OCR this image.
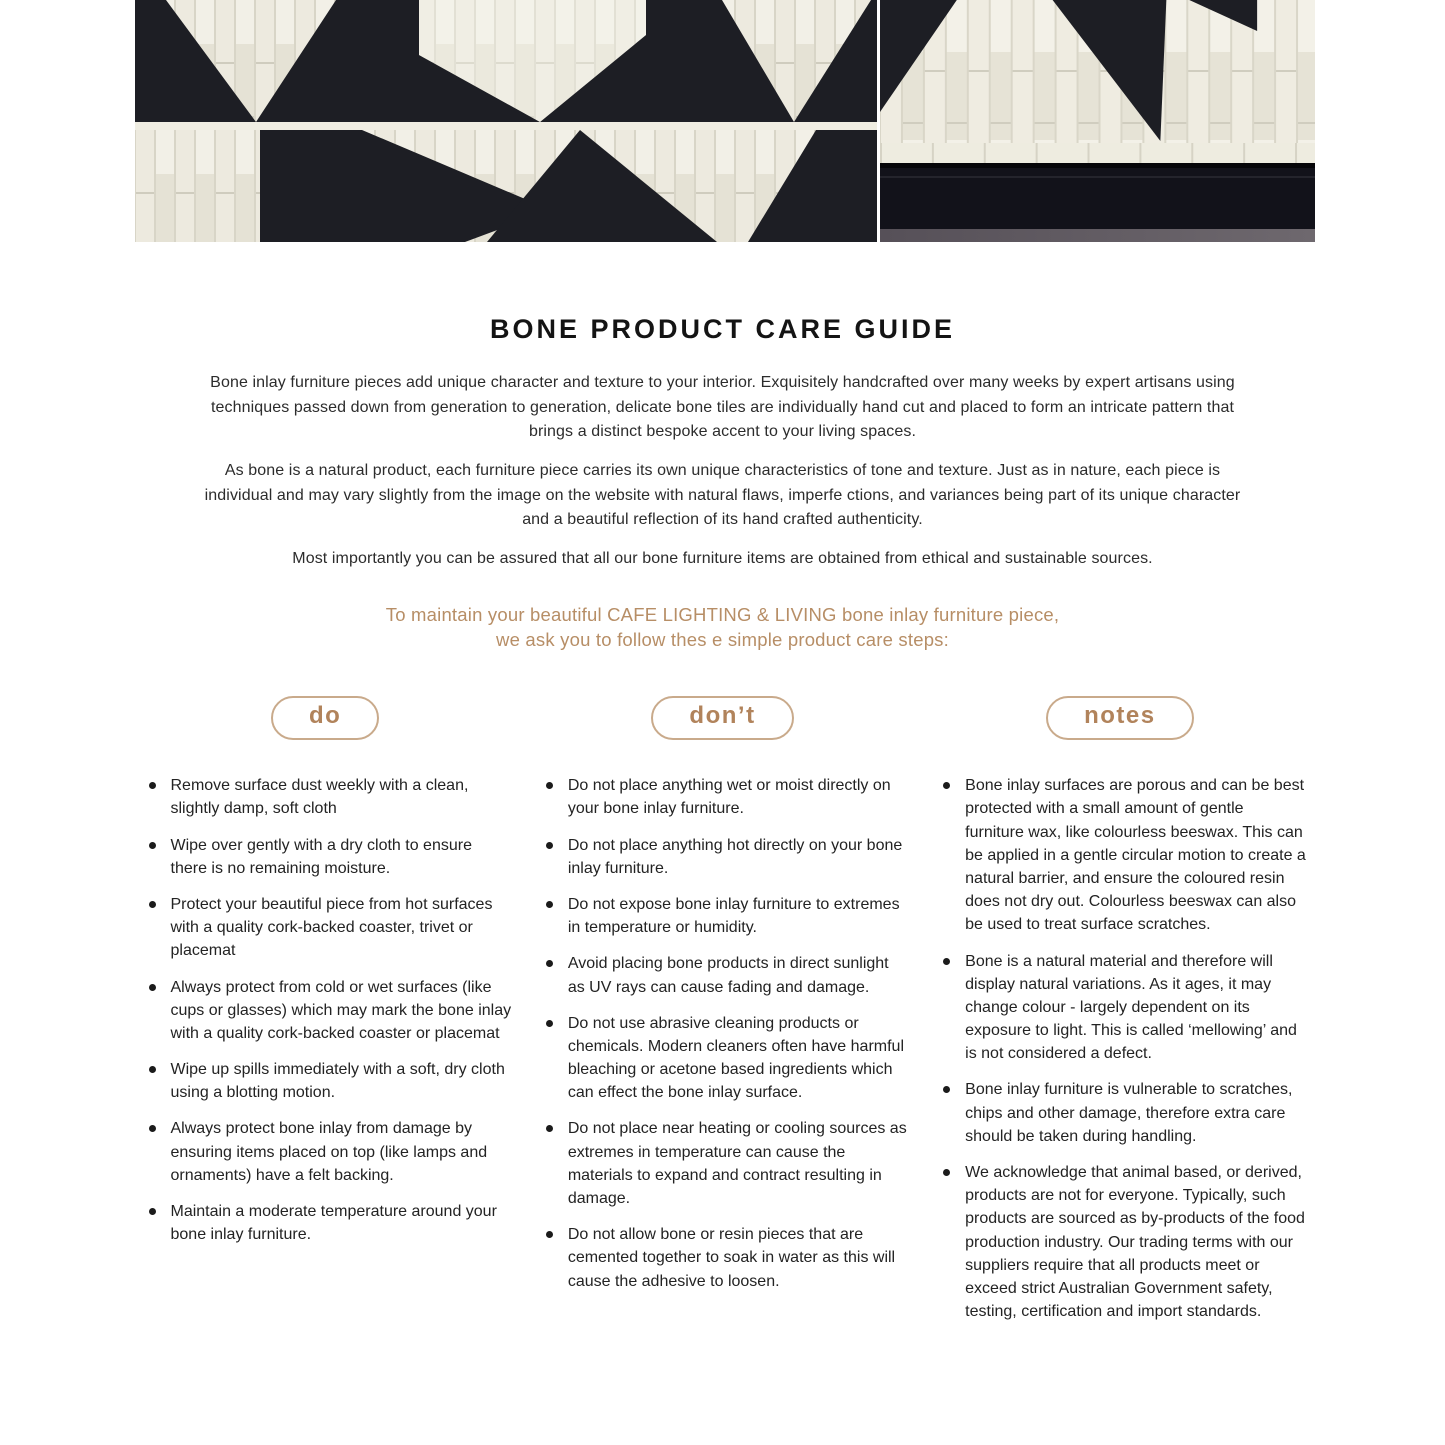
BONE PRODUCT CARE GUIDE

Bone inlay furniture pieces add unique character and texture to your interior. Exquisitely handcrafted over many weeks by expert artisans using techniques passed down from generation to generation, delicate bone tiles are individually hand cut and placed to form an intricate pattern that brings a distinct bespoke accent to your living spaces.

As bone is a natural product, each furniture piece carries its own unique characteristics of tone and texture. Just as in nature, each piece is individual and may vary slightly from the image on the website with natural flaws, imperfe ctions, and variances being part of its unique character and a beautiful reflection of its hand crafted authenticity.

Most importantly you can be assured that all our bone furniture items are obtained from ethical and sustainable sources.

To maintain your beautiful CAFE LIGHTING & LIVING bone inlay furniture piece,
we ask you to follow thes e simple product care steps:
do
Remove surface dust weekly with a clean, slightly damp, soft cloth
Wipe over gently with a dry cloth to ensure there is no remaining moisture.
Protect your beautiful piece from hot surfaces with a quality cork-backed coaster, trivet or placemat
Always protect from cold or wet surfaces (like cups or glasses) which may mark the bone inlay with a quality cork-backed coaster or placemat
Wipe up spills immediately with a soft, dry cloth using a blotting motion.
Always protect bone inlay from damage by ensuring items placed on top (like lamps and ornaments) have a felt backing.
Maintain a moderate temperature around your bone inlay furniture.
don’t
Do not place anything wet or moist directly on your bone inlay furniture.
Do not place anything hot directly on your bone inlay furniture.
Do not expose bone inlay furniture to extremes in temperature or humidity.
Avoid placing bone products in direct sunlight as UV rays can cause fading and damage.
Do not use abrasive cleaning products or chemicals. Modern cleaners often have harmful bleaching or acetone based ingredients which can effect the bone inlay surface.
Do not place near heating or cooling sources as extremes in temperature can cause the materials to expand and contract resulting in damage.
Do not allow bone or resin pieces that are cemented together to soak in water as this will cause the adhesive to loosen.
notes
Bone inlay surfaces are porous and can be best protected with a small amount of gentle furniture wax, like colourless beeswax. This can be applied in a gentle circular motion to create a natural barrier, and ensure the coloured resin does not dry out. Colourless beeswax can also be used to treat surface scratches.
Bone is a natural material and therefore will display natural variations. As it ages, it may change colour - largely dependent on its exposure to light. This is called ‘mellowing’ and is not considered a defect.
Bone inlay furniture is vulnerable to scratches, chips and other damage, therefore extra care should be taken during handling.
We acknowledge that animal based, or derived, products are not for everyone. Typically, such products are sourced as by-products of the food production industry. Our trading terms with our suppliers require that all products meet or exceed strict Australian Government safety, testing, certification and import standards.
